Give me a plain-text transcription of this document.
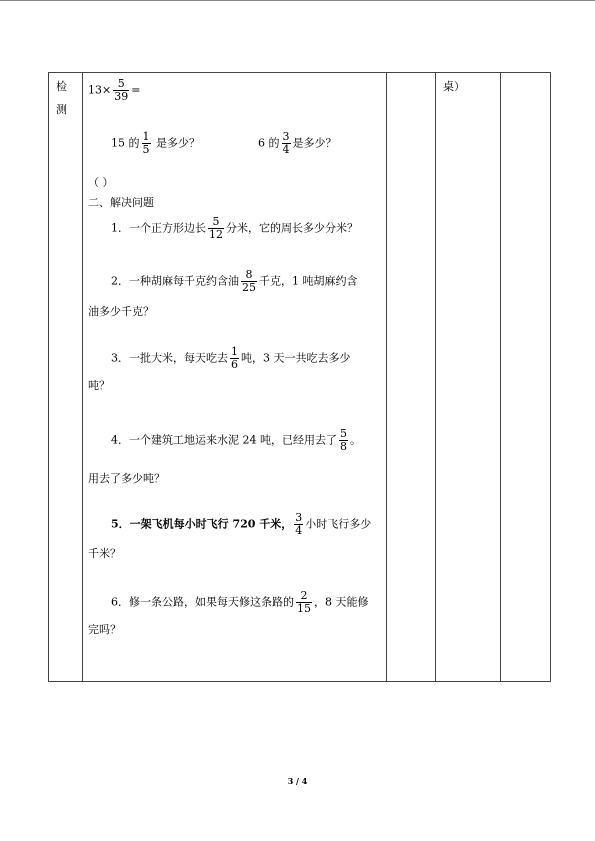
检
测
桌）
$13\times \frac{5}{39}$ =
15 的 $\frac{1}{5}$ 是多少？	6 的 $\frac{3}{4}$ 是多少？
（ ）
二、解决问题
1．一个正方形边长 $\frac{5}{12}$ 分米，它的周长多少分米？
2．一种胡麻每千克约含油 $\frac{8}{25}$ 千克，1 吨胡麻约含
油多少千克？
3．一批大米，每天吃去 $\frac{1}{6}$ 吨，3 天一共吃去多少
吨？
4．一个建筑工地运来水泥 24 吨，已经用去了 $\frac{5}{8}$ 。
用去了多少吨？
5．一架飞机每小时飞行 720 千米， $\frac{3}{4}$ 小时飞行多少
千米？
6．修一条公路，如果每天修这条路的 $\frac{2}{15}$ ，8 天能修
完吗？
3 / 4
